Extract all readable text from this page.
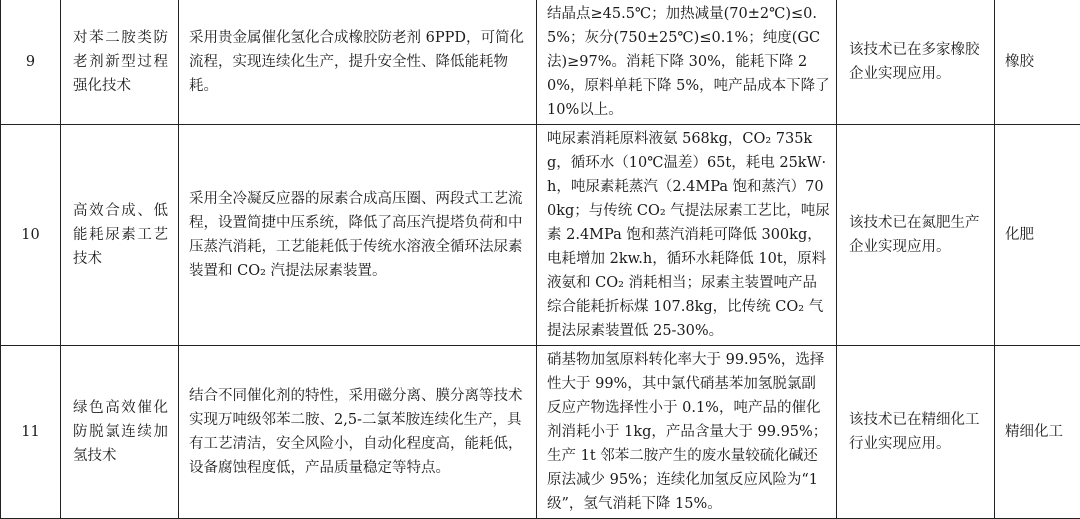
9	对苯二胺类防老剂新型过程强化技术	采用贵金属催化氢化合成橡胶防老剂 6PPD，可简化流程，实现连续化生产，提升安全性、降低能耗物耗。	结晶点≥45.5℃；加热减量(70±2℃)≤0.5%；灰分(750±25℃)≤0.1%；纯度(GC法)≥97%。消耗下降 30%，能耗下降 20%，原料单耗下降 5%，吨产品成本下降了 10%以上。	该技术已在多家橡胶企业实现应用。	橡胶
10	高效合成、低能耗尿素工艺技术	采用全冷凝反应器的尿素合成高压圈、两段式工艺流程，设置简捷中压系统，降低了高压汽提塔负荷和中压蒸汽消耗，工艺能耗低于传统水溶液全循环法尿素装置和 CO₂ 汽提法尿素装置。	吨尿素消耗原料液氨 568kg，CO₂ 735kg，循环水（10℃温差）65t，耗电 25kW·h，吨尿素耗蒸汽（2.4MPa 饱和蒸汽）700kg；与传统 CO₂ 气提法尿素工艺比，吨尿素 2.4MPa 饱和蒸汽消耗可降低 300kg，电耗增加 2kw.h，循环水耗降低 10t，原料液氨和 CO₂ 消耗相当；尿素主装置吨产品综合能耗折标煤 107.8kg，比传统 CO₂ 气提法尿素装置低 25-30%。	该技术已在氮肥生产企业实现应用。	化肥
11	绿色高效催化防脱氯连续加氢技术	结合不同催化剂的特性，采用磁分离、膜分离等技术实现万吨级邻苯二胺、2,5-二氯苯胺连续化生产，具有工艺清洁，安全风险小，自动化程度高，能耗低，设备腐蚀程度低，产品质量稳定等特点。	硝基物加氢原料转化率大于 99.95%，选择性大于 99%，其中氯代硝基苯加氢脱氯副反应产物选择性小于 0.1%，吨产品的催化剂消耗小于 1kg，产品含量大于 99.95%；生产 1t 邻苯二胺产生的废水量较硫化碱还原法减少 95%；连续化加氢反应风险为“1 级”，氢气消耗下降 15%。	该技术已在精细化工行业实现应用。	精细化工
